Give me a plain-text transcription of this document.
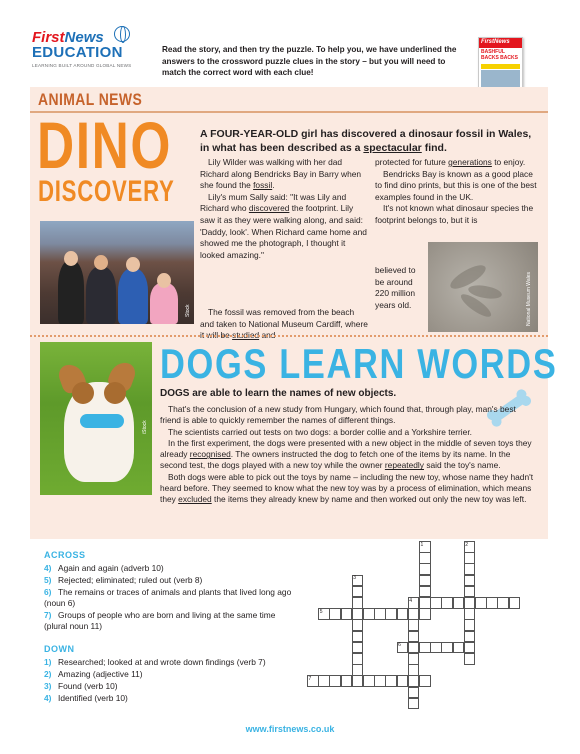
FirstNews
EDUCATION
LEARNING BUILT AROUND GLOBAL NEWS
Read the story, and then try the puzzle. To help you, we have underlined the answers to the crossword puzzle clues in the story – but you will need to match the correct word with each clue!
FirstNews
BASHFUL BACKS BACKS
ANIMAL NEWS
DINO
DISCOVERY
A FOUR-YEAR-OLD girl has discovered a dinosaur fossil in Wales, in what has been described as a spectacular find.

Lily Wilder was walking with her dad Richard along Bendricks Bay in Barry when she found the fossil.

Lily's mum Sally said: "It was Lily and Richard who discovered the footprint. Lily saw it as they were walking along, and said: 'Daddy, look'. When Richard came home and showed me the photograph, I thought it looked amazing."

The fossil was removed from the beach and taken to National Museum Cardiff, where it will be studied and

protected for future generations to enjoy.

Bendricks Bay is known as a good place to find dino prints, but this is one of the best examples found in the UK.

It's not known what dinosaur species the footprint belongs to, but it is

believed to be around 220 million years old.
Stock	National Museum Wales
iStock
DOGS LEARN WORDS
DOGS are able to learn the names of new objects.

That's the conclusion of a new study from Hungary, which found that, through play, man's best friend is able to quickly remember the names of different things.

The scientists carried out tests on two dogs: a border collie and a Yorkshire terrier.

In the first experiment, the dogs were presented with a new object in the middle of seven toys they already recognised. The owners instructed the dog to fetch one of the items by its name. In the second test, the dogs played with a new toy while the owner repeatedly said the toy's name.

Both dogs were able to pick out the toys by name – including the new toy, whose name they hadn't heard before. They seemed to know what the new toy was by a process of elimination, which means they excluded the items they already knew by name and then worked out only the new toy was left.

ACROSS
4) Again and again (adverb 10)
5) Rejected; eliminated; ruled out (verb 8)
6) The remains or traces of animals and plants that lived long ago (noun 6)
7) Groups of people who are born and living at the same time (plural noun 11)
DOWN
1) Researched; looked at and wrote down findings (verb 7)
2) Amazing (adjective 11)
3) Found (verb 10)
4) Identified (verb 10)
1	2
3
4
5
6
7
www.firstnews.co.uk
